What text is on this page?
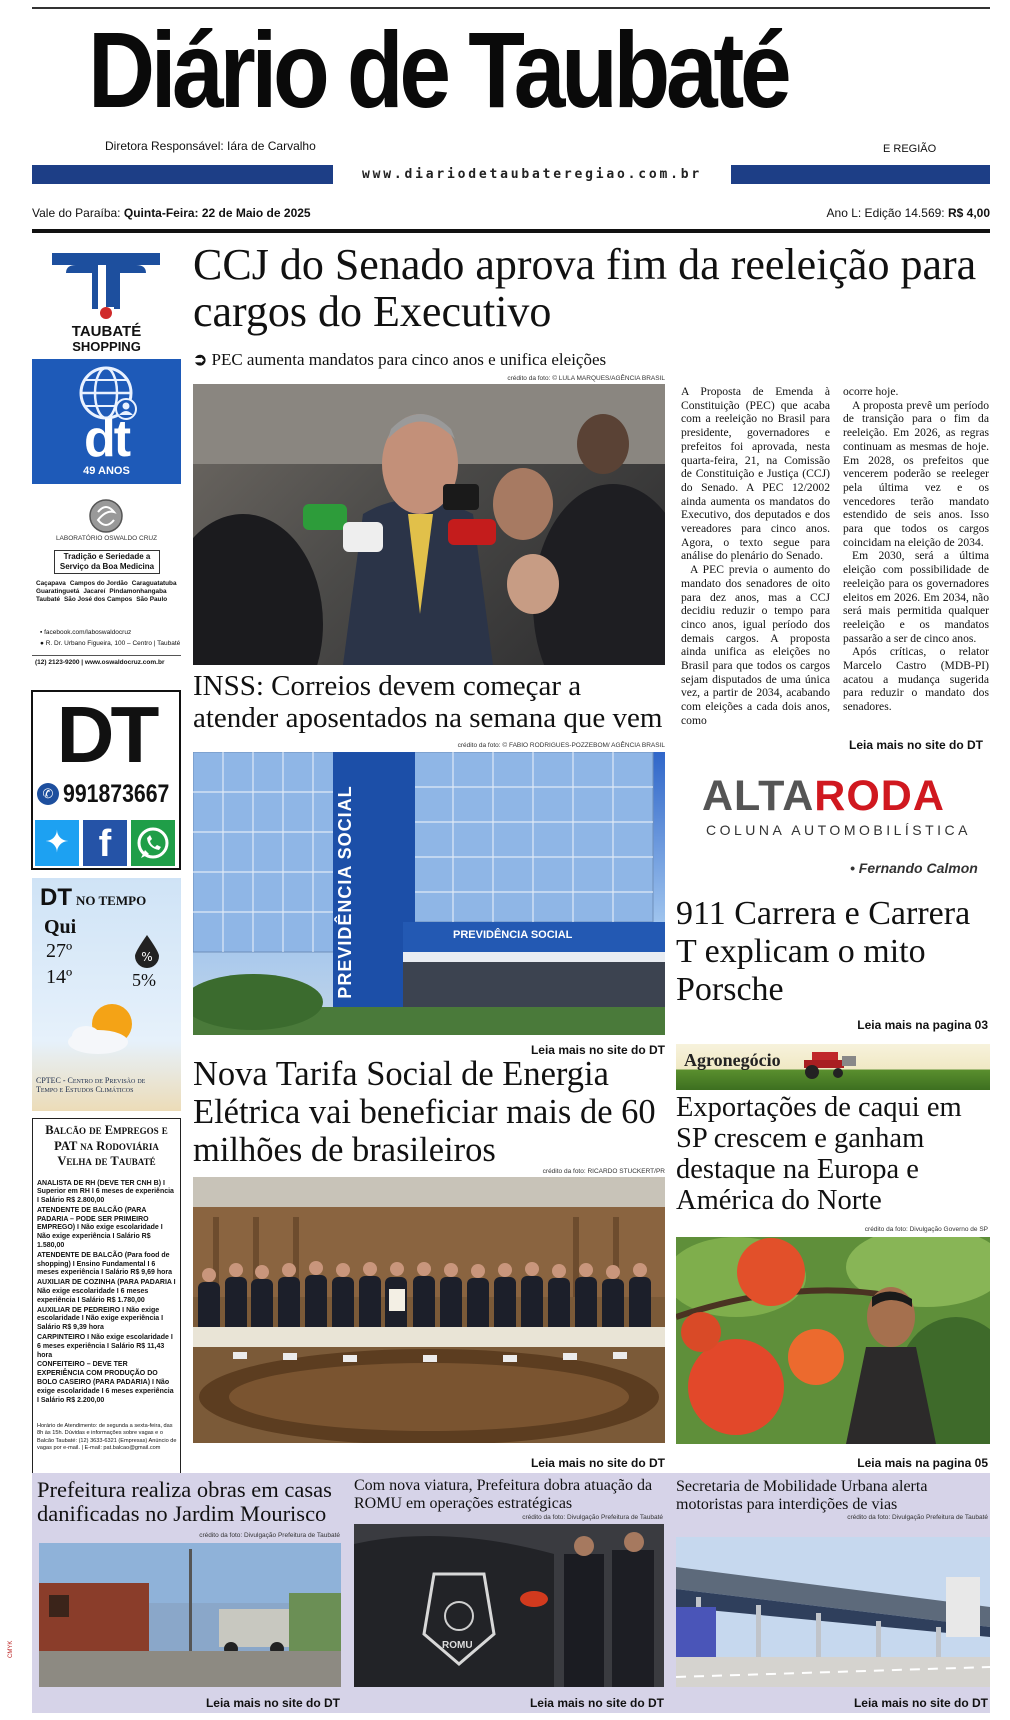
Diário de Taubaté
Diretora Responsável: Iára de Carvalho	E REGIÃO
www.diariodetaubateregiao.com.br
Vale do Paraíba: Quinta-Feira: 22 de Maio de 2025	Ano L: Edição 14.569: R$ 4,00
TAUBATÉ
SHOPPING
dt
49 ANOS
LABORATÓRIO OSWALDO CRUZ
Tradição e Seriedade a Serviço da Boa Medicina
Caçapava Campos do Jordão Caraguatatuba
Guaratinguetá Jacareí Pindamonhangaba
Taubaté São José dos Campos São Paulo
▪ facebook.com/laboswaldocruz
● R. Dr. Urbano Figueira, 100 – Centro | Taubaté
(12) 2123-9200 | www.oswaldocruz.com.br
DT
✆ 991873667
✦ f
DT NO TEMPO
Qui
27º
14º
%
5%
CPTEC - Centro de Previsão de Tempo e Estudos Climáticos
Balcão de Empregos e PAT na Rodoviária Velha de Taubaté

ANALISTA DE RH (DEVE TER CNH B) I Superior em RH I 6 meses de experiência I Salário R$ 2.800,00

ATENDENTE DE BALCÃO (PARA PADARIA – PODE SER PRIMEIRO EMPREGO) I Não exige escolaridade I Não exige experiência I Salário R$ 1.580,00

ATENDENTE DE BALCÃO (Para food de shopping) I Ensino Fundamental I 6 meses experiência I Salário R$ 9,69 hora

AUXILIAR DE COZINHA (PARA PADARIA I Não exige escolaridade I 6 meses experiência I Salário R$ 1.780,00

AUXILIAR DE PEDREIRO I Não exige escolaridade I Não exige experiência I Salário R$ 9,39 hora

CARPINTEIRO I Não exige escolaridade I 6 meses experiência I Salário R$ 11,43 hora

CONFEITEIRO – DEVE TER EXPERIÊNCIA COM PRODUÇÃO DO BOLO CASEIRO (PARA PADARIA) I Não exige escolaridade I 6 meses experiência I Salário R$ 2.200,00

Horário de Atendimento: de segunda a sexta-feira, das 8h às 15h. Dúvidas e informações sobre vagas e o Balcão Taubaté: (12) 3633-6321 (Empresas) Anúncio de vagas por e-mail. | E-mail: pat.balcao@gmail.com
CCJ do Senado aprova fim da reeleição para cargos do Executivo
➲ PEC aumenta mandatos para cinco anos e unifica eleições
crédito da foto: © LULA MARQUES/AGÊNCIA BRASIL

A Proposta de Emenda à Constituição (PEC) que acaba com a reeleição no Brasil para presidente, governadores e prefeitos foi aprovada, nesta quarta-feira, 21, na Comissão de Constituição e Justiça (CCJ) do Senado. A PEC 12/2002 ainda aumenta os mandatos do Executivo, dos deputados e dos vereadores para cinco anos. Agora, o texto segue para análise do plenário do Senado.

A PEC previa o aumento do mandato dos senadores de oito para dez anos, mas a CCJ decidiu reduzir o tempo para cinco anos, igual período dos demais cargos. A proposta ainda unifica as eleições no Brasil para que todos os cargos sejam disputados de uma única vez, a partir de 2034, acabando com eleições a cada dois anos, como

ocorre hoje.

A proposta prevê um período de transição para o fim da reeleição. Em 2026, as regras continuam as mesmas de hoje. Em 2028, os prefeitos que vencerem poderão se reeleger pela última vez e os vencedores terão mandato estendido de seis anos. Isso para que todos os cargos coincidam na eleição de 2034.

Em 2030, será a última eleição com possibilidade de reeleição para os governadores eleitos em 2026. Em 2034, não será mais permitida qualquer reeleição e os mandatos passarão a ser de cinco anos.

Após críticas, o relator Marcelo Castro (MDB-PI) acatou a mudança sugerida para reduzir o mandato dos senadores.

Leia mais no site do DT
INSS: Correios devem começar a atender aposentados na semana que vem
crédito da foto: © FABIO RODRIGUES-POZZEBOM/ AGÊNCIA BRASIL
PREVIDÊNCIA SOCIAL	PREVIDÊNCIA SOCIAL
Leia mais no site do DT
ALTARODA
COLUNA AUTOMOBILÍSTICA
• Fernando Calmon
911 Carrera e Carrera T explicam o mito Porsche
Leia mais na pagina 03
Nova Tarifa Social de Energia Elétrica vai beneficiar mais de 60 milhões de brasileiros
crédito da foto: RICARDO STUCKERT/PR
Leia mais no site do DT
Agronegócio
Exportações de caqui em SP crescem e ganham destaque na Europa e América do Norte
crédito da foto: Divulgação Governo de SP
Leia mais na pagina 05
Prefeitura realiza obras em casas danificadas no Jardim Mourisco
crédito da foto: Divulgação Prefeitura de Taubaté
Leia mais no site do DT
Com nova viatura, Prefeitura dobra atuação da ROMU em operações estratégicas
crédito da foto: Divulgação Prefeitura de Taubaté
ROMU
Leia mais no site do DT
Secretaria de Mobilidade Urbana alerta motoristas para interdições de vias
crédito da foto: Divulgação Prefeitura de Taubaté
Leia mais no site do DT
CMYK
